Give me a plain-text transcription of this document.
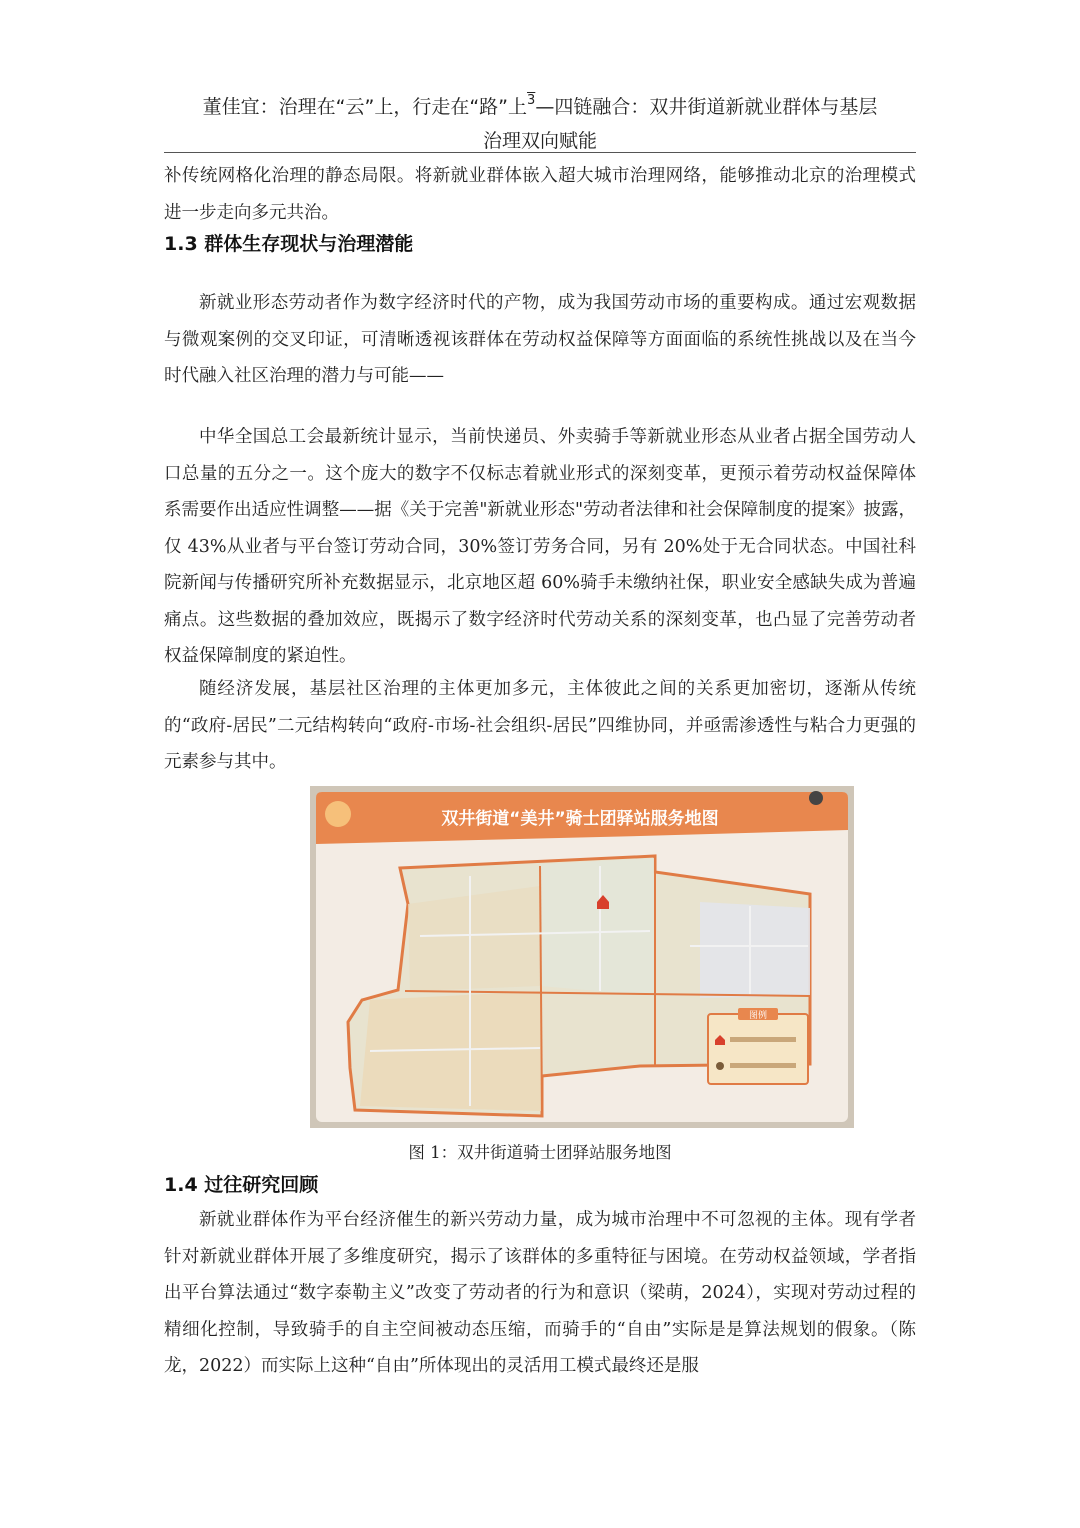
董佳宜：治理在“云”上，行走在“路”上$^3$—四链融合：双井街道新就业群体与基层
治理双向赋能
补传统网格化治理的静态局限。将新就业群体嵌入超大城市治理网络，能够推动北京的治理模式进一步走向多元共治。
1.3 群体生存现状与治理潜能
新就业形态劳动者作为数字经济时代的产物，成为我国劳动市场的重要构成。通过宏观数据与微观案例的交叉印证，可清晰透视该群体在劳动权益保障等方面面临的系统性挑战以及在当今时代融入社区治理的潜力与可能——
中华全国总工会最新统计显示，当前快递员、外卖骑手等新就业形态从业者占据全国劳动人口总量的五分之一。这个庞大的数字不仅标志着就业形式的深刻变革，更预示着劳动权益保障体系需要作出适应性调整——据《关于完善"新就业形态"劳动者法律和社会保障制度的提案》披露，仅 43%从业者与平台签订劳动合同，30%签订劳务合同，另有 20%处于无合同状态。中国社科院新闻与传播研究所补充数据显示，北京地区超 60%骑手未缴纳社保，职业安全感缺失成为普遍痛点。这些数据的叠加效应，既揭示了数字经济时代劳动关系的深刻变革，也凸显了完善劳动者权益保障制度的紧迫性。
随经济发展，基层社区治理的主体更加多元，主体彼此之间的关系更加密切，逐渐从传统的“政府-居民”二元结构转向“政府-市场-社会组织-居民”四维协同，并亟需渗透性与粘合力更强的元素参与其中。
双井街道“美井”骑士团驿站服务地图
图例
图 1：双井街道骑士团驿站服务地图
1.4 过往研究回顾
新就业群体作为平台经济催生的新兴劳动力量，成为城市治理中不可忽视的主体。现有学者针对新就业群体开展了多维度研究，揭示了该群体的多重特征与困境。在劳动权益领域，学者指出平台算法通过“数字泰勒主义”改变了劳动者的行为和意识（梁萌，2024），实现对劳动过程的精细化控制，导致骑手的自主空间被动态压缩，而骑手的“自由”实际是是算法规划的假象。（陈龙，2022）而实际上这种“自由”所体现出的灵活用工模式最终还是服
